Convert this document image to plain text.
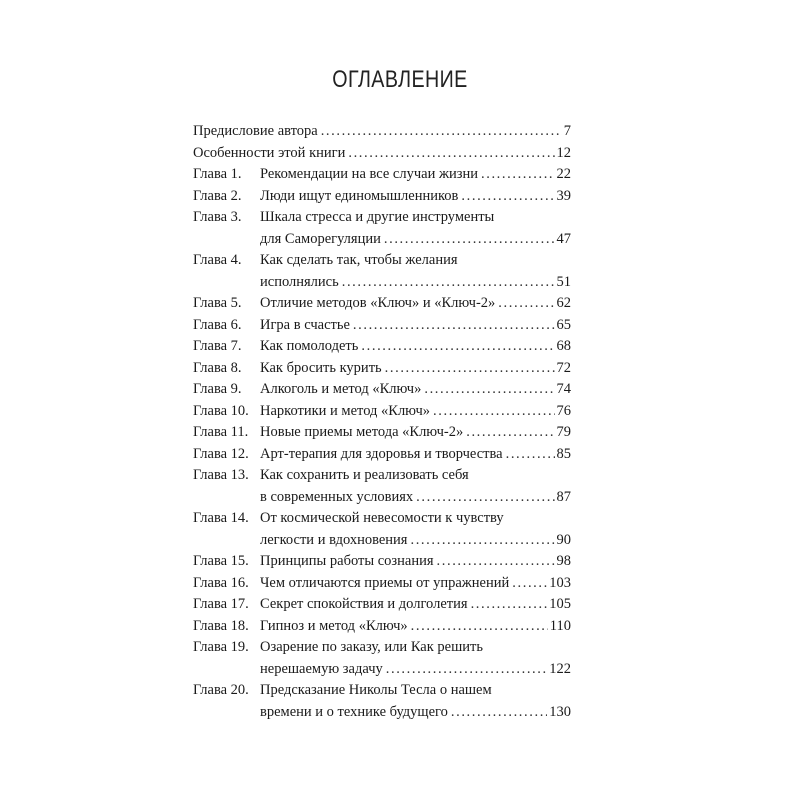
ОГЛАВЛЕНИЕ
Предисловие автора .....	7
Особенности этой книги .....	12
Глава 1.	Рекомендации на все случаи жизни .....	22
Глава 2.	Люди ищут единомышленников .....	39
Глава 3.	Шкала стресса и другие инструменты
для Саморегуляции .....	47
Глава 4.	Как сделать так, чтобы желания
исполнялись .....	51
Глава 5.	Отличие методов «Ключ» и «Ключ-2» .....	62
Глава 6.	Игра в счастье .....	65
Глава 7.	Как помолодеть .....	68
Глава 8.	Как бросить курить .....	72
Глава 9.	Алкоголь и метод «Ключ» .....	74
Глава 10. Наркотики и метод «Ключ» .....	76
Глава 11. Новые приемы метода «Ключ-2» .....	79
Глава 12. Арт-терапия для здоровья и творчества .....	85
Глава 13. Как сохранить и реализовать себя
в современных условиях .....	87
Глава 14. От космической невесомости к чувству
легкости и вдохновения .....	90
Глава 15. Принципы работы сознания .....	98
Глава 16. Чем отличаются приемы от упражнений .....	103
Глава 17. Секрет спокойствия и долголетия .....	105
Глава 18. Гипноз и метод «Ключ» .....	110
Глава 19. Озарение по заказу, или Как решить
нерешаемую задачу .....	122
Глава 20. Предсказание Николы Тесла о нашем
времени и о технике будущего .....	130
